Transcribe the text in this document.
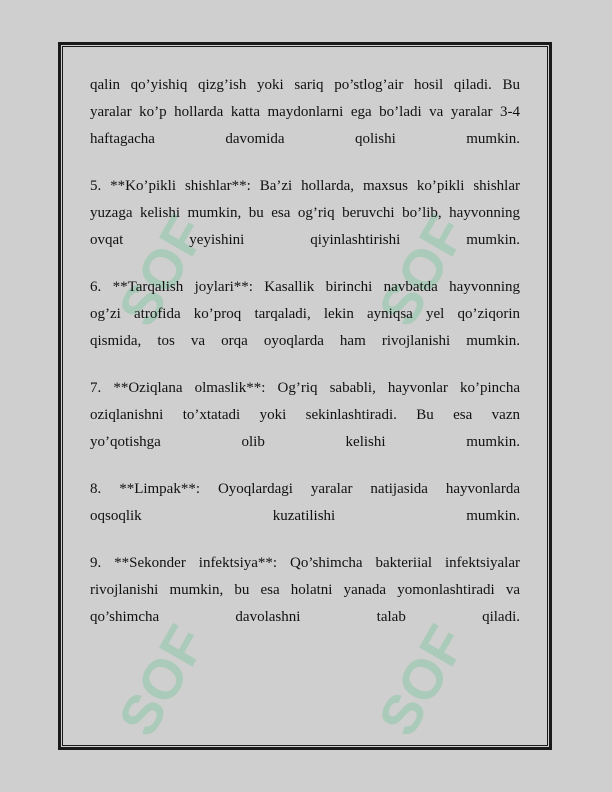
SOF	SOF
SOF	SOF
qalin qo’yishiq qizg’ish yoki sariq po’stlog’air hosil qiladi. Bu
yaralar ko’p hollarda katta maydonlarni ega bo’ladi va yaralar 3-4
haftagacha davomida qolishi mumkin.
5. **Ko’pikli shishlar**: Ba’zi hollarda, maxsus ko’pikli shishlar
yuzaga kelishi mumkin, bu esa og’riq beruvchi bo’lib, hayvonning
ovqat yeyishini qiyinlashtirishi mumkin.
6. **Tarqalish joylari**: Kasallik birinchi navbatda hayvonning
og’zi atrofida ko’proq tarqaladi, lekin ayniqsa yel qo’ziqorin
qismida, tos va orqa oyoqlarda ham rivojlanishi mumkin.
7. **Oziqlana olmaslik**: Og’riq sababli, hayvonlar ko’pincha
oziqlanishni to’xtatadi yoki sekinlashtiradi. Bu esa vazn
yo’qotishga olib kelishi mumkin.
8. **Limpak**: Oyoqlardagi yaralar natijasida hayvonlarda
oqsoqlik kuzatilishi mumkin.
9. **Sekonder infektsiya**: Qo’shimcha bakteriial infektsiyalar
rivojlanishi mumkin, bu esa holatni yanada yomonlashtiradi va
qo’shimcha davolashni talab qiladi.
